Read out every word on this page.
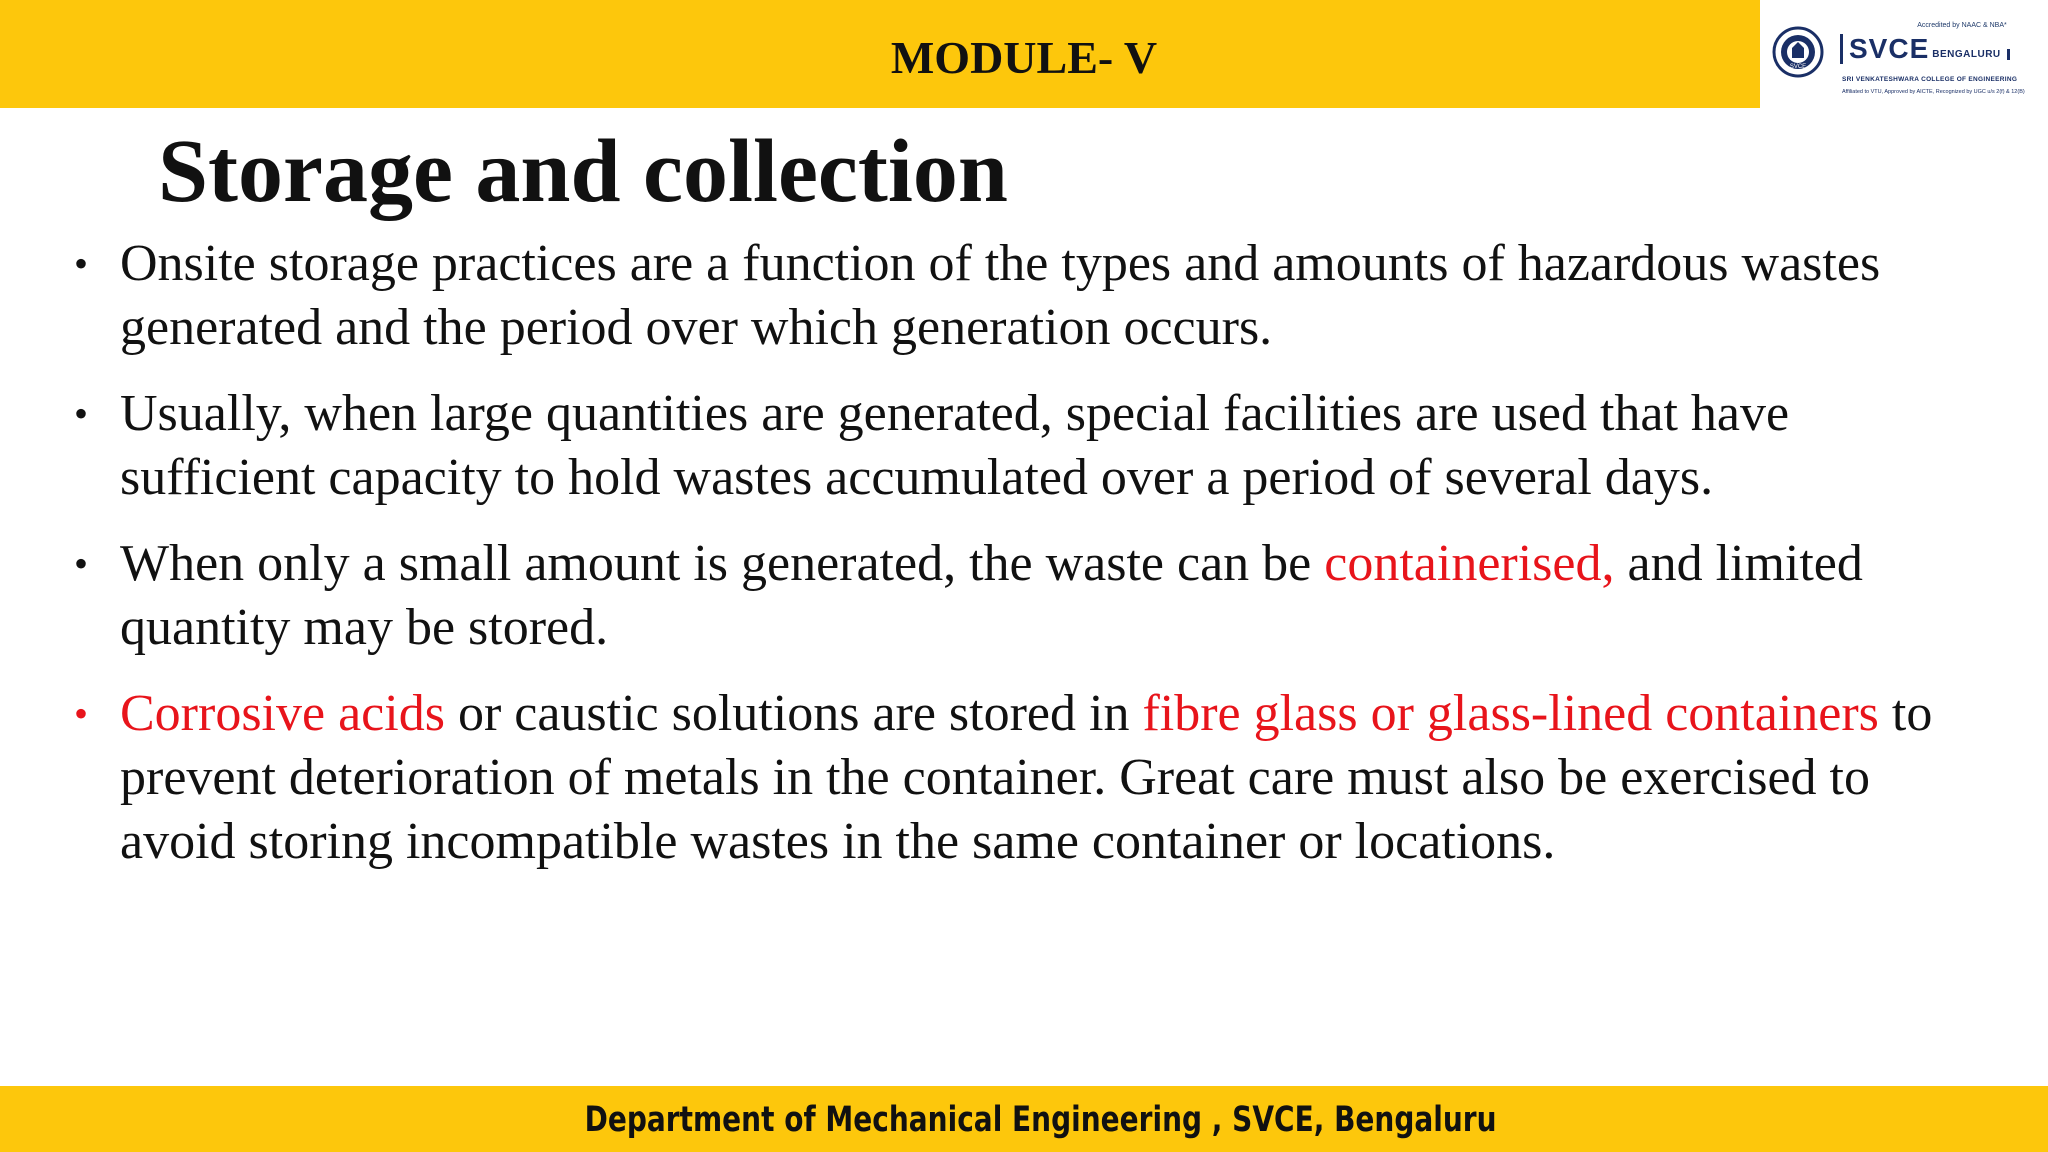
MODULE- V	SVCE
Accredited by NAAC & NBA*
SVCE BENGALURU
SRI VENKATESHWARA COLLEGE OF ENGINEERING
Affiliated to VTU, Approved by AICTE, Recognized by UGC u/s 2(f) & 12(B)
Storage and collection
• Onsite storage practices are a function of the types and amounts of hazardous wastes generated and the period over which generation occurs.
• Usually, when large quantities are generated, special facilities are used that have sufficient capacity to hold wastes accumulated over a period of several days.
• When only a small amount is generated, the waste can be containerised, and limited quantity may be stored.
• Corrosive acids or caustic solutions are stored in fibre glass or glass-lined containers to prevent deterioration of metals in the container. Great care must also be exercised to avoid storing incompatible wastes in the same container or locations.
Department of Mechanical Engineering , SVCE, Bengaluru
